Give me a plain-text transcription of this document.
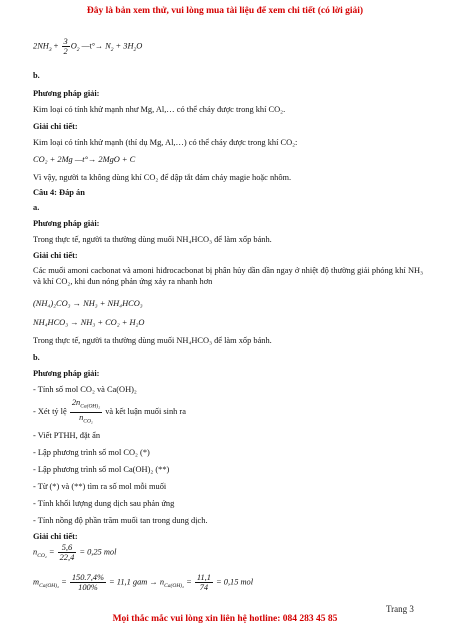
Đây là bản xem thử, vui lòng mua tài liệu để xem chi tiết (có lời giải)
$2NH_3 + \frac{3}{2} O_2$ —t°→ $N_2 + 3H_2O$
b.
Phương pháp giải:
Kim loại có tính khử mạnh như Mg, Al,… có thể cháy được trong khí CO₂.
Giải chi tiết:
Kim loại có tính khử mạnh (thí dụ Mg, Al,…) có thể cháy được trong khí CO₂:
CO₂ + 2Mg —t°→ 2MgO + C
Vì vậy, người ta không dùng khí CO₂ để dập tắt đám cháy magie hoặc nhôm.
Câu 4: Đáp án
a.
Phương pháp giải:
Trong thực tế, người ta thường dùng muối NH₄HCO₃ để làm xốp bánh.
Giải chi tiết:
Các muối amoni cacbonat và amoni hiđrocacbonat bị phân hủy dần dần ngay ở nhiệt độ thường giải phóng khí NH₃ và khí CO₂, khi đun nóng phản ứng xảy ra nhanh hơn
(NH₄)₂CO₃ → NH₃ + NH₄HCO₃
NH₄HCO₃ → NH₃ + CO₂ + H₂O
Trong thực tế, người ta thường dùng muối NH₄HCO₃ để làm xốp bánh.
b.
Phương pháp giải:
- Tính số mol CO₂ và Ca(OH)₂
- Xét tỷ lệ $\frac{2n_{Ca(OH)_2}}{n_{CO_2}}$ và kết luận muối sinh ra
- Viết PTHH, đặt ẩn
- Lập phương trình số mol CO₂ (*)
- Lập phương trình số mol Ca(OH)₂ (**)
- Từ (*) và (**) tìm ra số mol mỗi muối
- Tính khối lượng dung dịch sau phản ứng
- Tính nồng độ phần trăm muối tan trong dung dịch.
Giải chi tiết:
$n_{CO_2} = \frac{5,6}{22,4} = 0,25$ mol
$m_{Ca(OH)_2} = \frac{150.7,4\%}{100\%} = 11,1$ gam → $n_{Ca(OH)_2} = \frac{11,1}{74} = 0,15$ mol
Trang 3
Mọi thắc mắc vui lòng xin liên hệ hotline: 084 283 45 85
